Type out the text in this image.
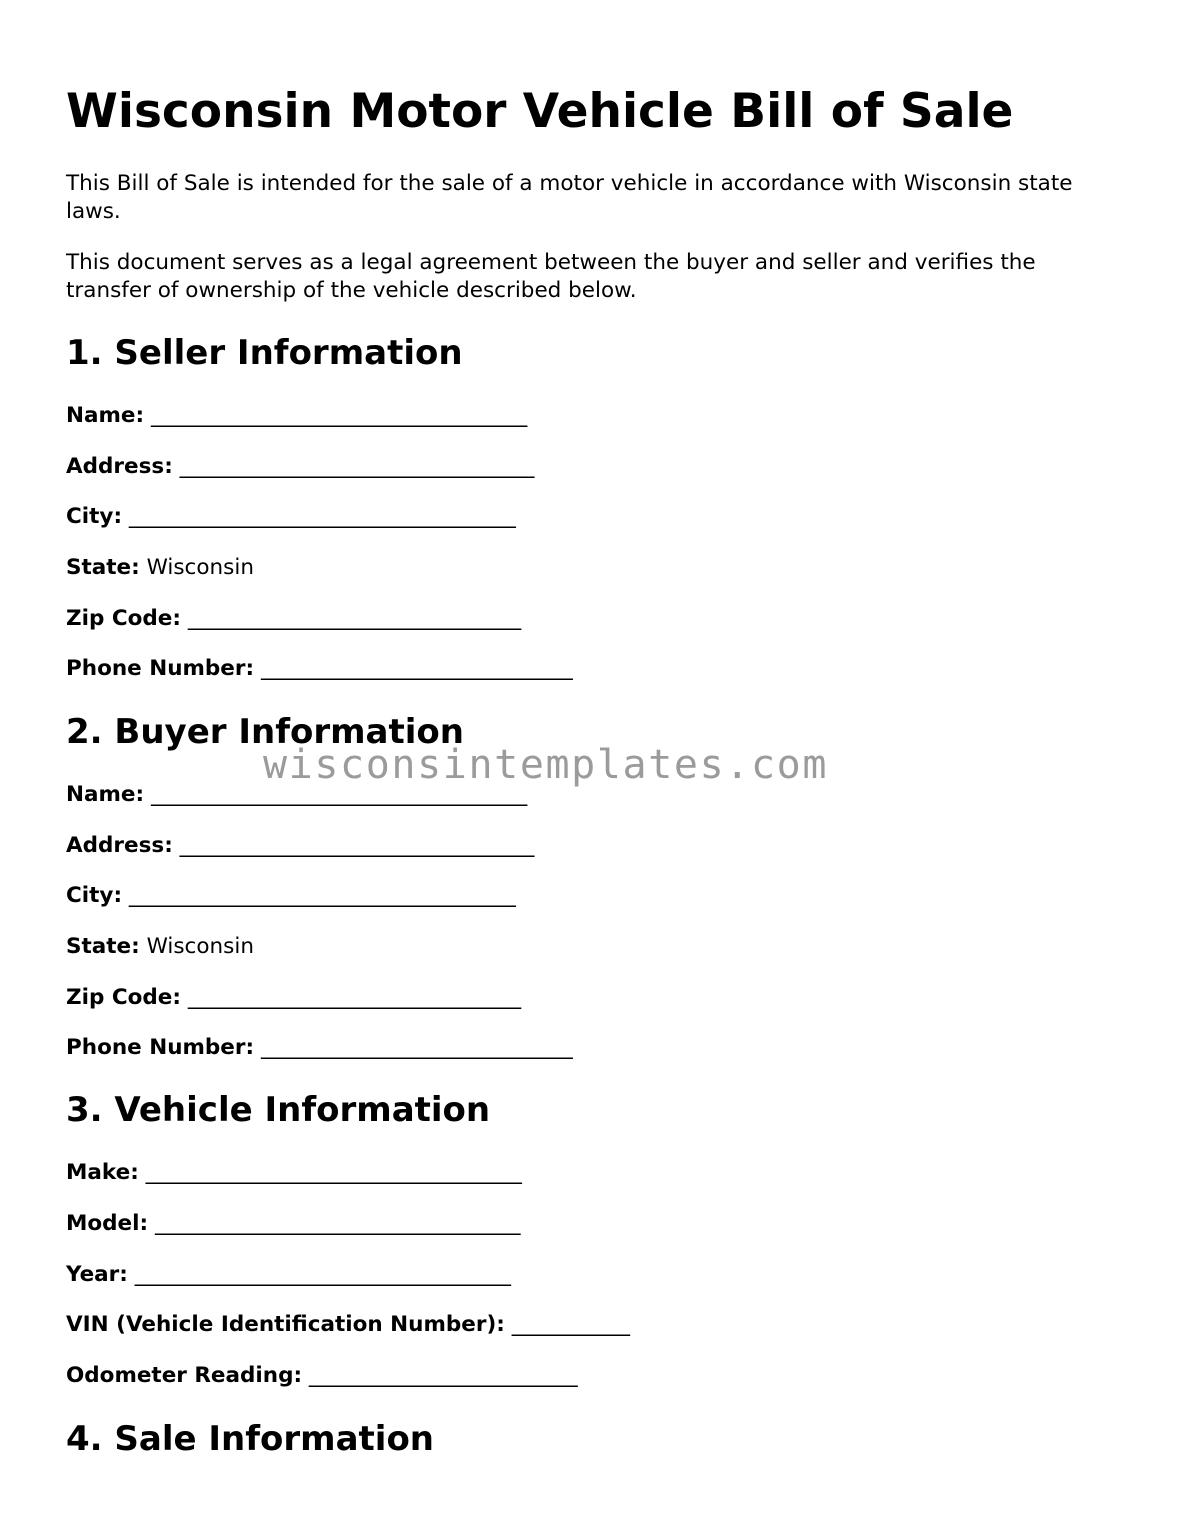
Wisconsin Motor Vehicle Bill of Sale

This Bill of Sale is intended for the sale of a motor vehicle in accordance with Wisconsin state laws.

This document serves as a legal agreement between the buyer and seller and verifies the transfer of ownership of the vehicle described below.

1. Seller Information
Name: ___________________________________
Address: _________________________________
City: ____________________________________
State: Wisconsin
Zip Code: _______________________________
Phone Number: _____________________________
2. Buyer Information
Name: ___________________________________
Address: _________________________________
City: ____________________________________
State: Wisconsin
Zip Code: _______________________________
Phone Number: _____________________________
3. Vehicle Information
Make: ___________________________________
Model: __________________________________
Year: ___________________________________
VIN (Vehicle Identification Number): ___________
Odometer Reading: _________________________
4. Sale Information
wisconsintemplates.com
